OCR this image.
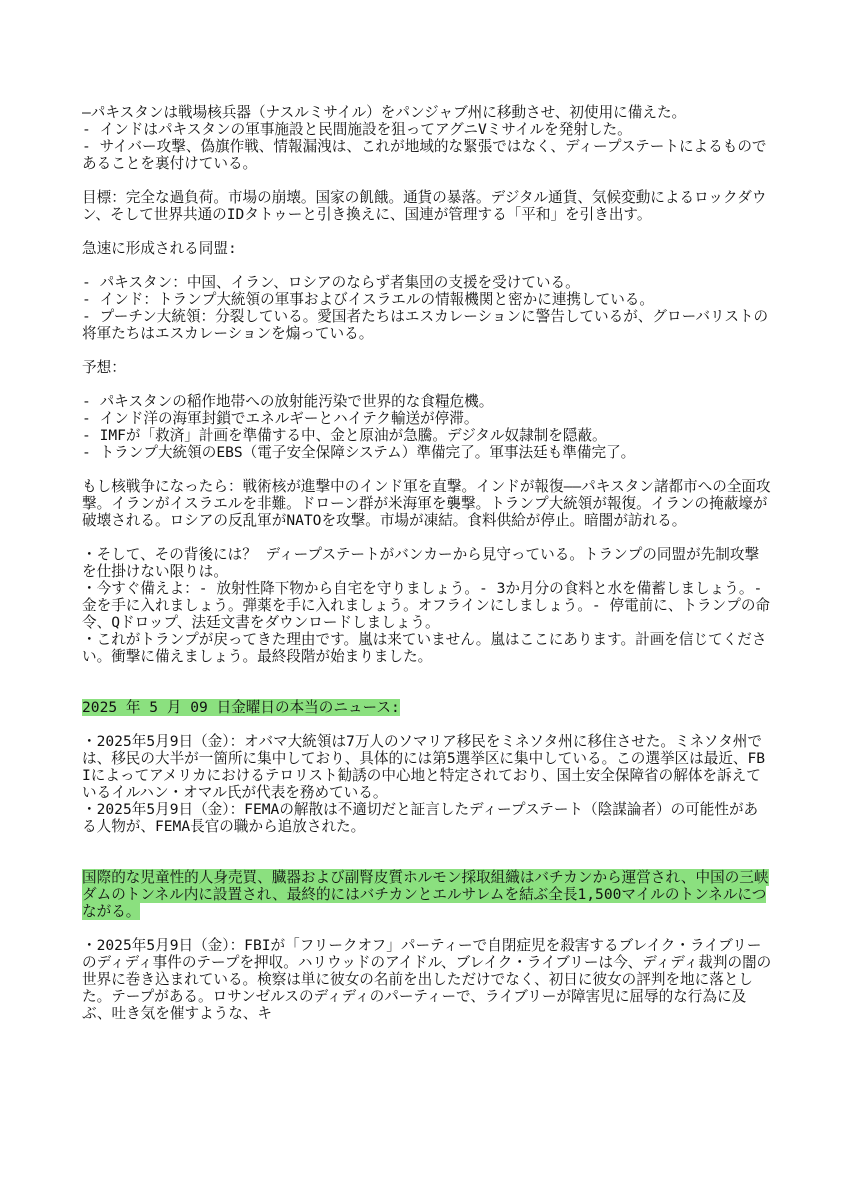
–パキスタンは戦場核兵器（ナスルミサイル）をパンジャブ州に移動させ、初使用に備えた。
- インドはパキスタンの軍事施設と民間施設を狙ってアグニVミサイルを発射した。
- サイバー攻撃、偽旗作戦、情報漏洩は、これが地域的な緊張ではなく、ディープステートによるものであることを裏付けている。
目標：完全な過負荷。市場の崩壊。国家の飢餓。通貨の暴落。デジタル通貨、気候変動によるロックダウン、そして世界共通のIDタトゥーと引き換えに、国連が管理する「平和」を引き出す。
急速に形成される同盟:
- パキスタン：中国、イラン、ロシアのならず者集団の支援を受けている。
- インド：トランプ大統領の軍事およびイスラエルの情報機関と密かに連携している。
- プーチン大統領：分裂している。愛国者たちはエスカレーションに警告しているが、グローバリストの将軍たちはエスカレーションを煽っている。
予想：
- パキスタンの稲作地帯への放射能汚染で世界的な食糧危機。
- インド洋の海軍封鎖でエネルギーとハイテク輸送が停滞。
- IMFが「救済」計画を準備する中、金と原油が急騰。デジタル奴隷制を隠蔽。
- トランプ大統領のEBS（電子安全保障システム）準備完了。軍事法廷も準備完了。
もし核戦争になったら：戦術核が進撃中のインド軍を直撃。インドが報復――パキスタン諸都市への全面攻撃。イランがイスラエルを非難。ドローン群が米海軍を襲撃。トランプ大統領が報復。イランの掩蔽壕が破壊される。ロシアの反乱軍がNATOを攻撃。市場が凍結。食料供給が停止。暗闇が訪れる。
・そして、その背後には？ ディープステートがバンカーから見守っている。トランプの同盟が先制攻撃を仕掛けない限りは。
・今すぐ備えよ：- 放射性降下物から自宅を守りましょう。- 3か月分の食料と水を備蓄しましょう。- 金を手に入れましょう。弾薬を手に入れましょう。オフラインにしましょう。- 停電前に、トランプの命令、Qドロップ、法廷文書をダウンロードしましょう。
・これがトランプが戻ってきた理由です。嵐は来ていません。嵐はここにあります。計画を信じてください。衝撃に備えましょう。最終段階が始まりました。
2025 年 5 月 09 日金曜日の本当のニュース:
・2025年5月9日（金）：オバマ大統領は7万人のソマリア移民をミネソタ州に移住させた。ミネソタ州では、移民の大半が一箇所に集中しており、具体的には第5選挙区に集中している。この選挙区は最近、FBIによってアメリカにおけるテロリスト勧誘の中心地と特定されており、国土安全保障省の解体を訴えているイルハン・オマル氏が代表を務めている。
・2025年5月9日（金）：FEMAの解散は不適切だと証言したディープステート（陰謀論者）の可能性がある人物が、FEMA長官の職から追放された。
国際的な児童性的人身売買、臓器および副腎皮質ホルモン採取組織はバチカンから運営され、中国の三峡ダムのトンネル内に設置され、最終的にはバチカンとエルサレムを結ぶ全長1,500マイルのトンネルにつながる。
・2025年5月9日（金）：FBIが「フリークオフ」パーティーで自閉症児を殺害するブレイク・ライブリーのディディ事件のテープを押収。ハリウッドのアイドル、ブレイク・ライブリーは今、ディディ裁判の闇の世界に巻き込まれている。検察は単に彼女の名前を出しただけでなく、初日に彼女の評判を地に落とした。テープがある。ロサンゼルスのディディのパーティーで、ライブリーが障害児に屈辱的な行為に及ぶ、吐き気を催すような、キ
